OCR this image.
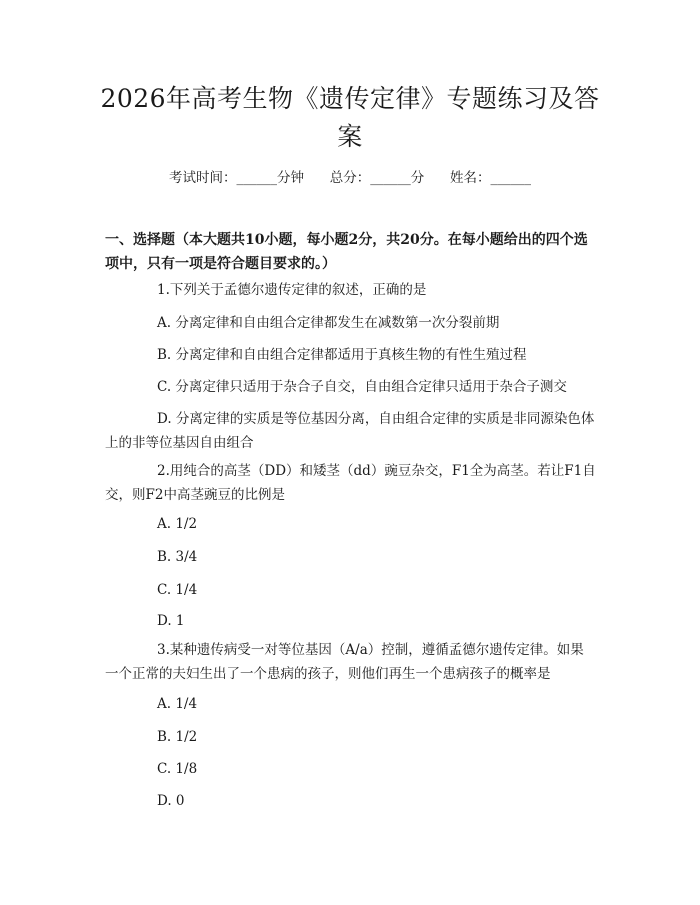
2026年高考生物《遗传定律》专题练习及答案
考试时间：______分钟 总分：______分 姓名：______
一、选择题（本大题共10小题，每小题2分，共20分。在每小题给出的四个选项中，只有一项是符合题目要求的。）
1.下列关于孟德尔遗传定律的叙述，正确的是
A. 分离定律和自由组合定律都发生在减数第一次分裂前期
B. 分离定律和自由组合定律都适用于真核生物的有性生殖过程
C. 分离定律只适用于杂合子自交，自由组合定律只适用于杂合子测交
D. 分离定律的实质是等位基因分离，自由组合定律的实质是非同源染色体上的非等位基因自由组合
2.用纯合的高茎（DD）和矮茎（dd）豌豆杂交，F1全为高茎。若让F1自交，则F2中高茎豌豆的比例是
A. 1/2
B. 3/4
C. 1/4
D. 1
3.某种遗传病受一对等位基因（A/a）控制，遵循孟德尔遗传定律。如果一个正常的夫妇生出了一个患病的孩子，则他们再生一个患病孩子的概率是
A. 1/4
B. 1/2
C. 1/8
D. 0
